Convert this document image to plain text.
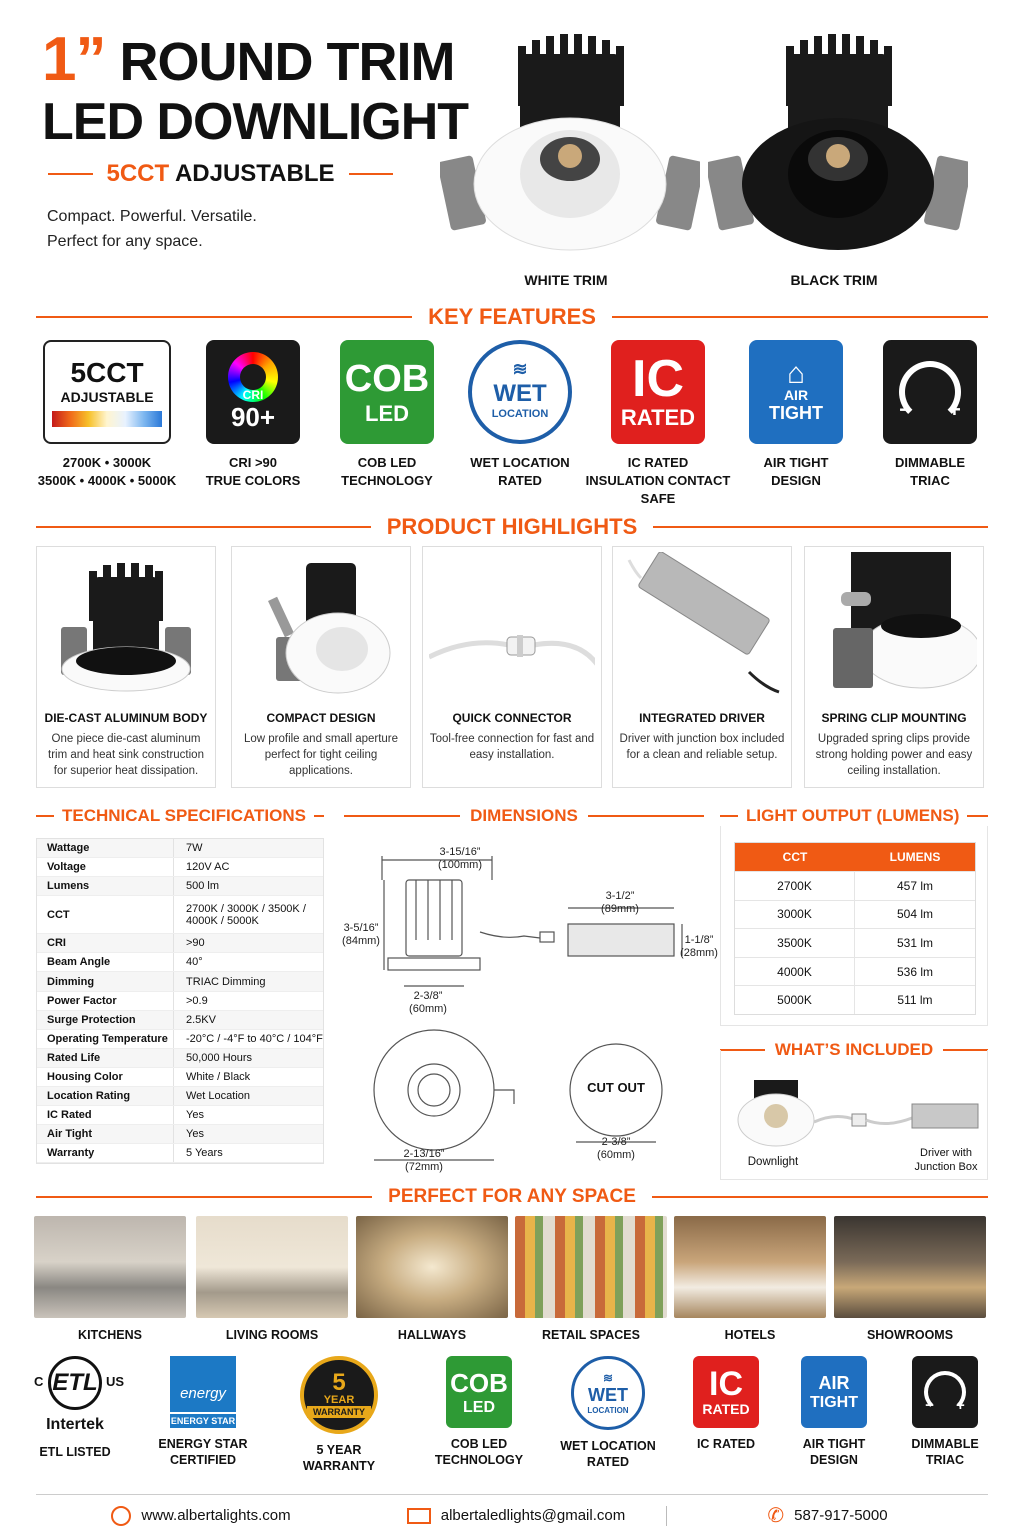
1” ROUND TRIM
LED DOWNLIGHT
5CCT ADJUSTABLE
Compact. Powerful. Versatile.
Perfect for any space.
WHITE TRIM	BLACK TRIM
KEY FEATURES
5CCT
ADJUSTABLE
2700K • 3000K
3500K • 4000K • 5000K
CRI
90+
CRI >90
TRUE COLORS
COB
LED
COB LED
TECHNOLOGY
≋
WET
LOCATION
WET LOCATION
RATED
IC
RATED
IC RATED
INSULATION CONTACT
SAFE
⌂
AIR
TIGHT
AIR TIGHT
DESIGN
− +
DIMMABLE
TRIAC
PRODUCT HIGHLIGHTS
DIE-CAST ALUMINUM BODY
One piece die-cast aluminum trim and heat sink construction for superior heat dissipation.
COMPACT DESIGN
Low profile and small aperture perfect for tight ceiling applications.
QUICK CONNECTOR
Tool-free connection for fast and easy installation.
INTEGRATED DRIVER
Driver with junction box included for a clean and reliable setup.
SPRING CLIP MOUNTING
Upgraded spring clips provide strong holding power and easy ceiling installation.
TECHNICAL SPECIFICATIONS
Wattage	7W
Voltage	120V AC
Lumens	500 lm
CCT	2700K / 3000K / 3500K / 4000K / 5000K
CRI	>90
Beam Angle	40°
Dimming	TRIAC Dimming
Power Factor	>0.9
Surge Protection	2.5KV
Operating Temperature	-20°C / -4°F to 40°C / 104°F
Rated Life	50,000 Hours
Housing Color	White / Black
Location Rating	Wet Location
IC Rated	Yes
Air Tight	Yes
Warranty	5 Years
DIMENSIONS
3-15/16”
(100mm)
3-5/16”
(84mm)
2-3/8”
(60mm)
3-1/2”
(89mm)
1-1/8”
(28mm)
2-13/16”
(72mm)
CUT OUT
2-3/8”
(60mm)
LIGHT OUTPUT (LUMENS)
CCT	LUMENS
2700K	457 lm
3000K	504 lm
3500K	531 lm
4000K	536 lm
5000K	511 lm
WHAT’S INCLUDED
Downlight
Driver with
Junction Box
PERFECT FOR ANY SPACE
KITCHENS	LIVING ROOMS	HALLWAYS	RETAIL SPACES	HOTELS	SHOWROOMS
ETL
C	US
Intertek
ETL LISTED
energy
ENERGY STAR
ENERGY STAR
CERTIFIED
5
YEAR
WARRANTY
5 YEAR
WARRANTY
COB
LED
COB LED
TECHNOLOGY
≋
WET
LOCATION
WET LOCATION
RATED
IC
RATED
IC RATED
AIR
TIGHT
AIR TIGHT
DESIGN
− +
DIMMABLE
TRIAC
www.albertalights.com	albertaledlights@gmail.com	✆ 587-917-5000
